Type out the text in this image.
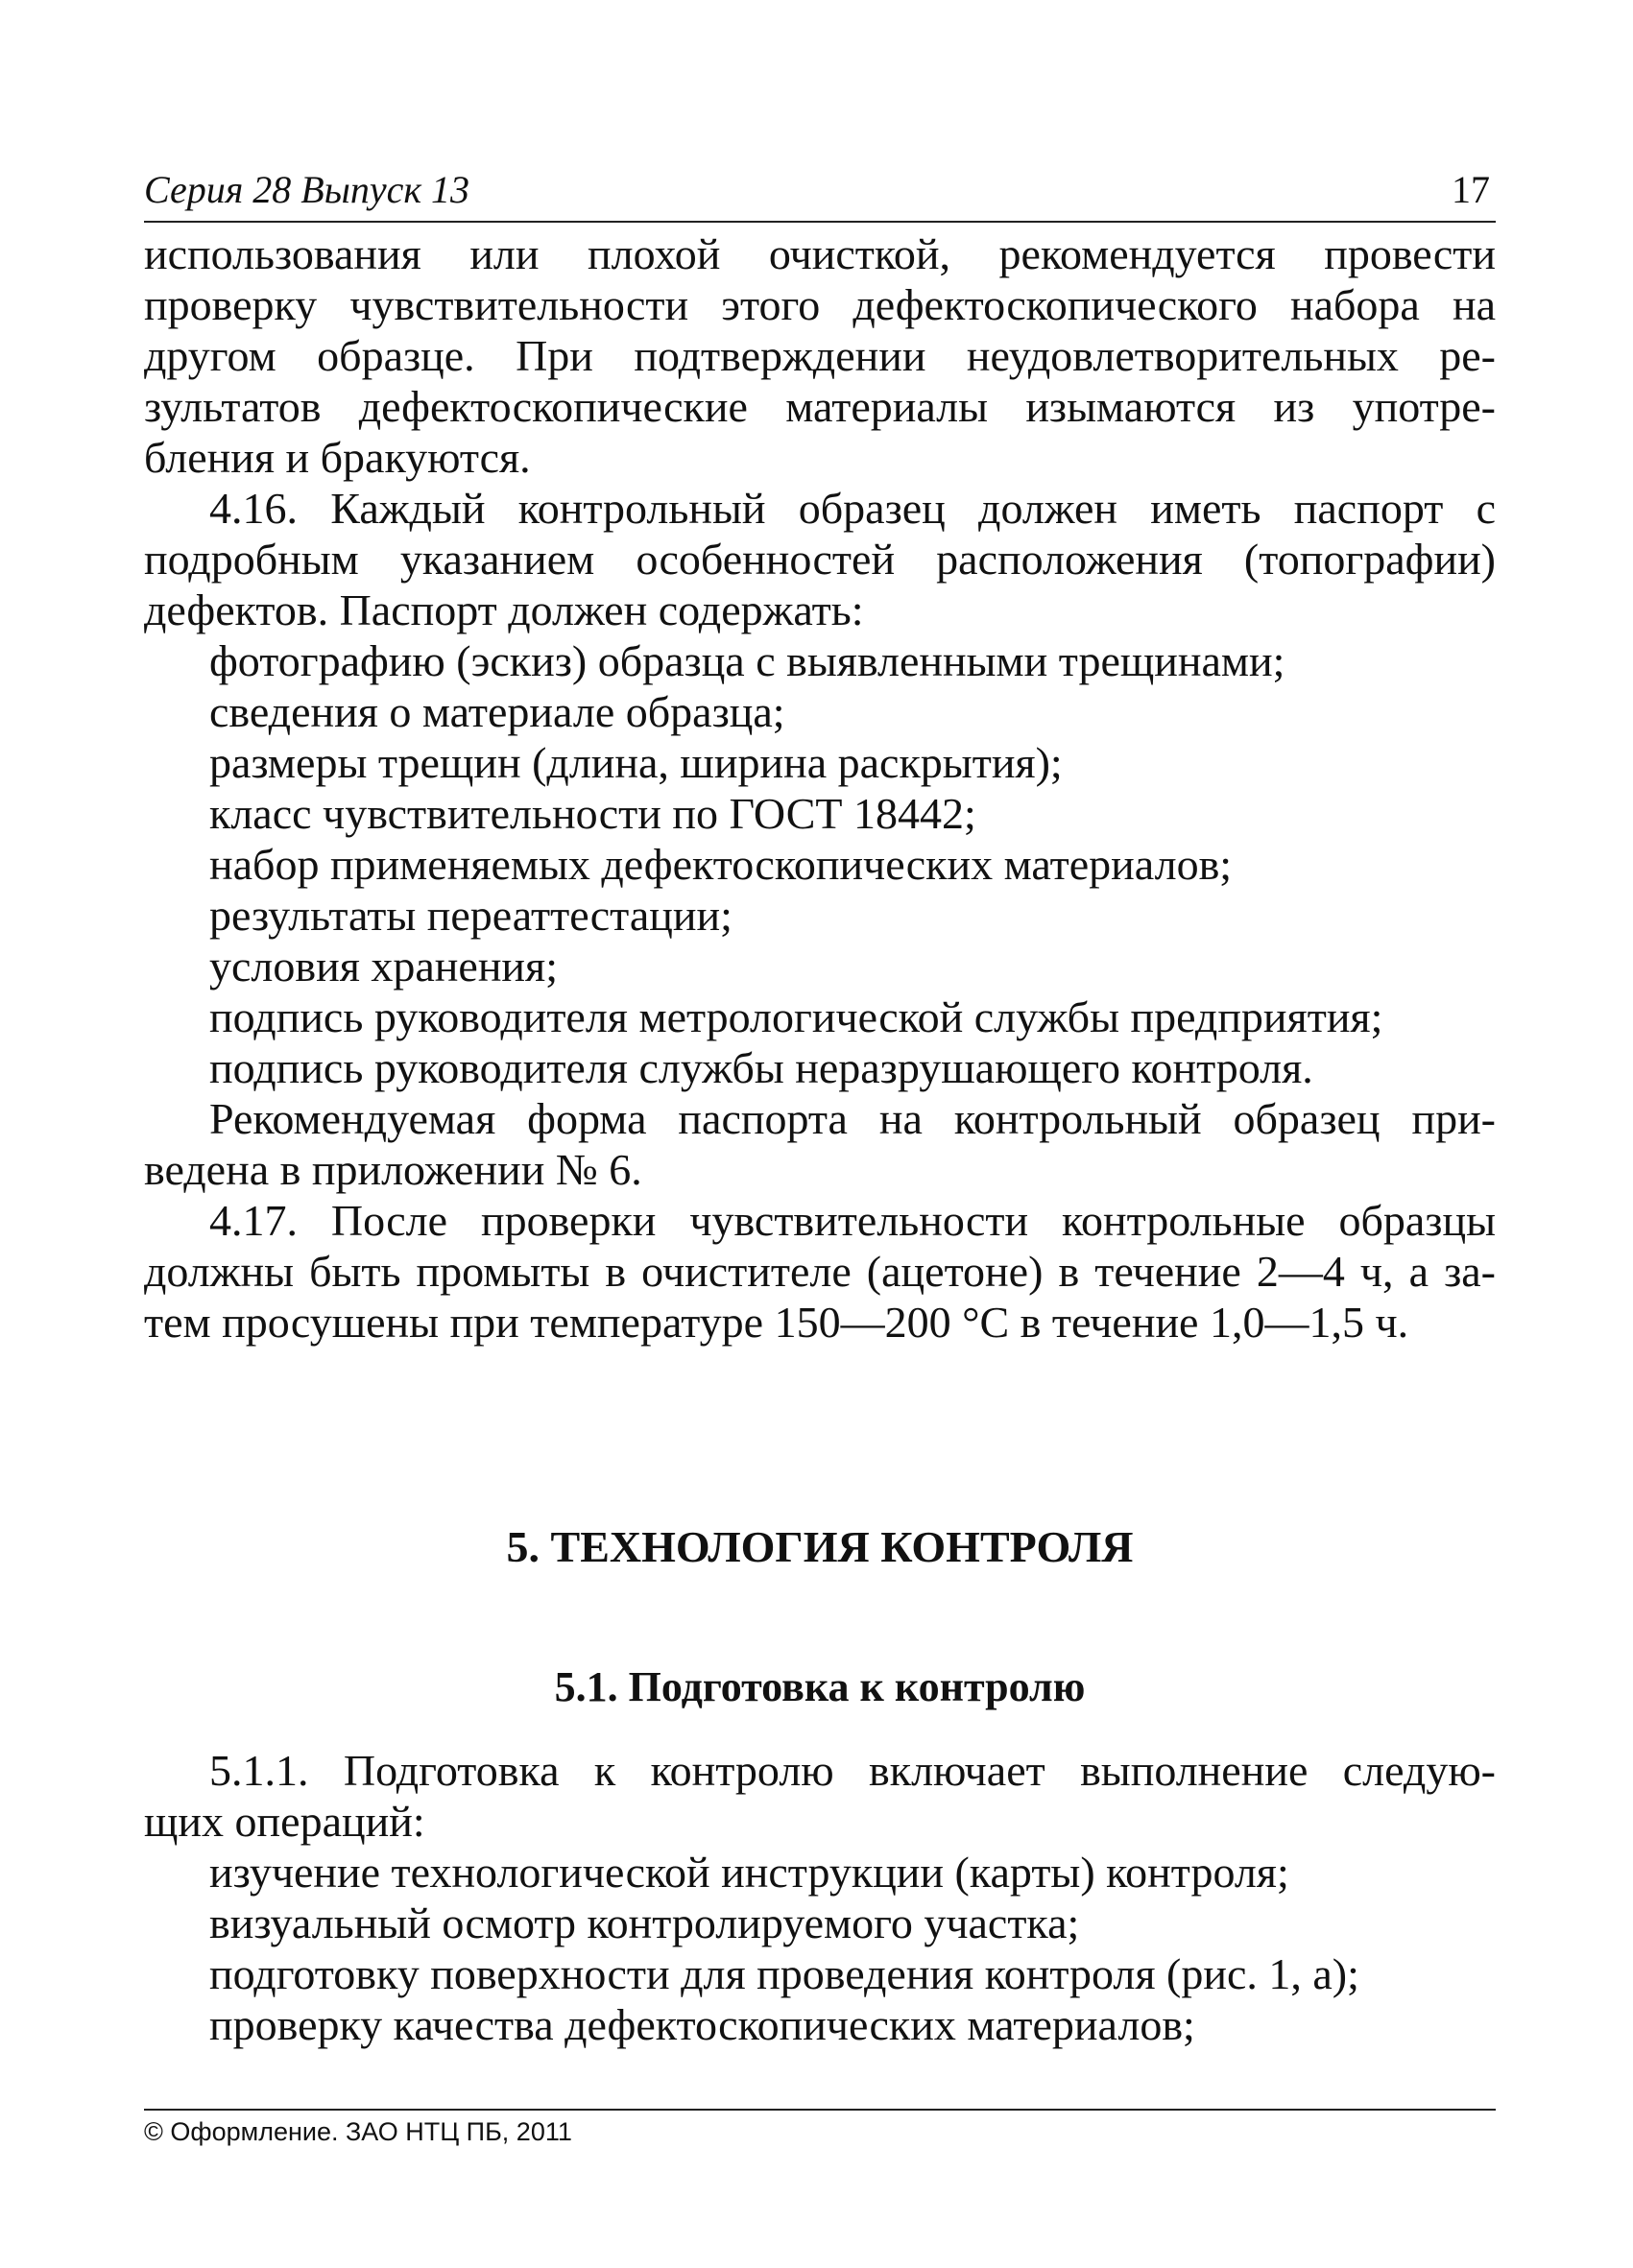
Серия 28 Выпуск 13	17
использования или плохой очисткой, рекомендуется провести
проверку чувствительности этого дефектоскопического набора на
другом образце. При подтверждении неудовлетворительных ре-
зультатов дефектоскопические материалы изымаются из употре-
бления и бракуются.
4.16. Каждый контрольный образец должен иметь паспорт с
подробным указанием особенностей расположения (топографии)
дефектов. Паспорт должен содержать:
фотографию (эскиз) образца с выявленными трещинами;
сведения о материале образца;
размеры трещин (длина, ширина раскрытия);
класс чувствительности по ГОСТ 18442;
набор применяемых дефектоскопических материалов;
результаты переаттестации;
условия хранения;
подпись руководителя метрологической службы предприятия;
подпись руководителя службы неразрушающего контроля.
Рекомендуемая форма паспорта на контрольный образец при-
ведена в приложении № 6.
4.17. После проверки чувствительности контрольные образцы
должны быть промыты в очистителе (ацетоне) в течение 2—4 ч, а за-
тем просушены при температуре 150—200 °С в течение 1,0—1,5 ч.
5. ТЕХНОЛОГИЯ КОНТРОЛЯ
5.1. Подготовка к контролю
5.1.1. Подготовка к контролю включает выполнение следую-
щих операций:
изучение технологической инструкции (карты) контроля;
визуальный осмотр контролируемого участка;
подготовку поверхности для проведения контроля (рис. 1, а);
проверку качества дефектоскопических материалов;
© Оформление. ЗАО НТЦ ПБ, 2011
